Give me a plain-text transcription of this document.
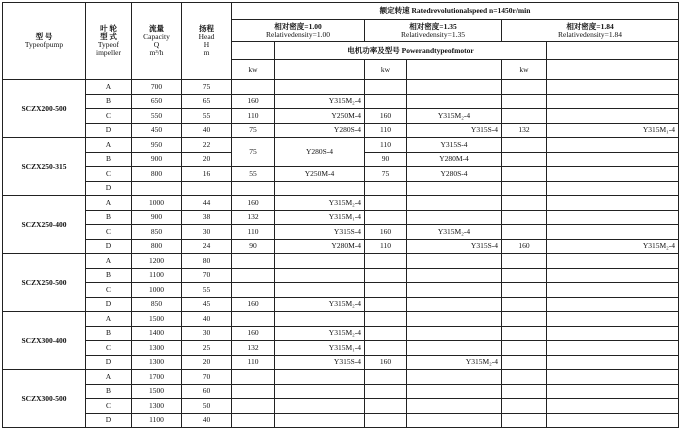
型 号
Typeofpump	叶 轮
型 式
Typeof
impeller	流量
Capacity
Q
m³/h	扬程
Head
H
m	额定转速 Ratedrevolutionalspeed n=1450r/min					

				相对密度=1.00
Relativedensity=1.00		相对密度=1.35
Relativedensity=1.35		相对密度=1.84
Relativedensity=1.84	

					电机功率及型号 Powerandtypeofmotor				
				kw		kw		kw	
SCZX200-500	A	700	75						
	B	650	65	160	Y315M₂-4				
	C	550	55	110	Y250M-4	160	Y315M₂-4		
	D	450	40	75	Y280S-4	110	Y315S-4	132	Y315M₁-4
SCZX250-315	A	950	22	75	Y280S-4	110	Y315S-4		
	B	900	20			90	Y280M-4		
	C	800	16	55	Y250M-4	75	Y280S-4		
	D								
SCZX250-400	A	1000	44	160	Y315M₂-4				
	B	900	38	132	Y315M₁-4				
	C	850	30	110	Y315S-4	160	Y315M₂-4		
	D	800	24	90	Y280M-4	110	Y315S-4	160	Y315M₂-4
SCZX250-500	A	1200	80						
	B	1100	70						
	C	1000	55						
	D	850	45	160	Y315M₂-4				
SCZX300-400	A	1500	40						
	B	1400	30	160	Y315M₂-4				
	C	1300	25	132	Y315M₁-4				
	D	1300	20	110	Y315S-4	160	Y315M₂-4		
SCZX300-500	A	1700	70						
	B	1500	60						
	C	1300	50						
	D	1100	40						
